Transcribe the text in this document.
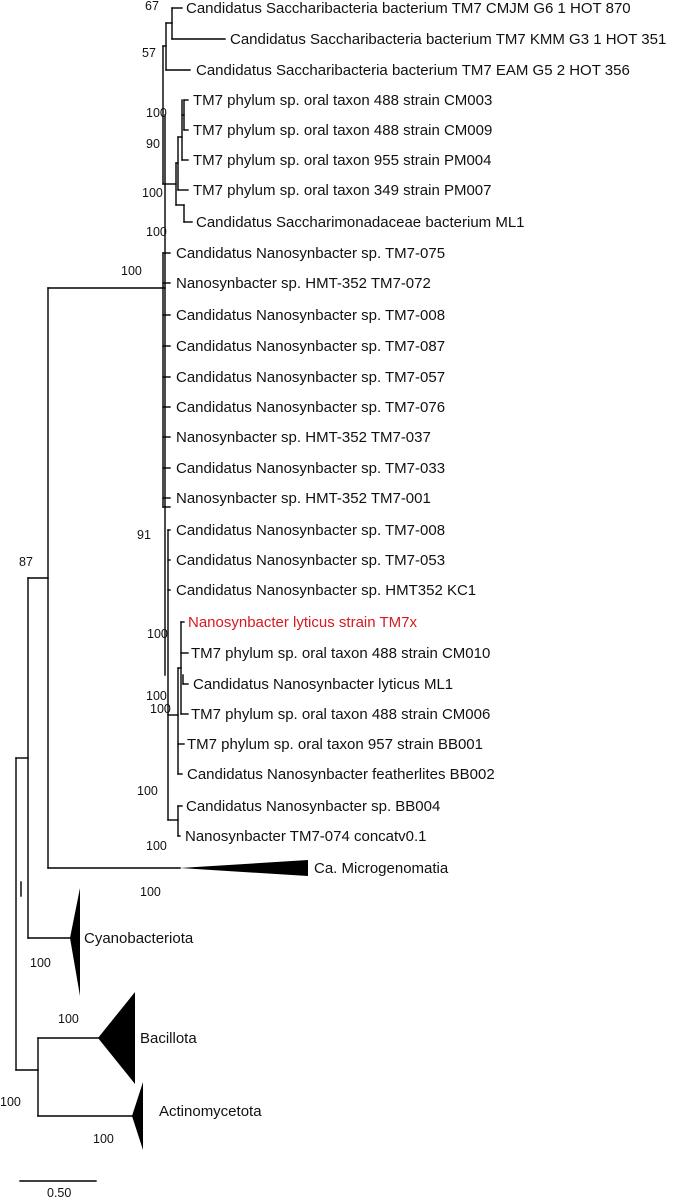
Candidatus Saccharibacteria bacterium TM7 CMJM G6 1 HOT 870
Candidatus Saccharibacteria bacterium TM7 KMM G3 1 HOT 351
Candidatus Saccharibacteria bacterium TM7 EAM G5 2 HOT 356
TM7 phylum sp. oral taxon 488 strain CM003
TM7 phylum sp. oral taxon 488 strain CM009
TM7 phylum sp. oral taxon 955 strain PM004
TM7 phylum sp. oral taxon 349 strain PM007
Candidatus Saccharimonadaceae bacterium ML1
Candidatus Nanosynbacter sp. TM7-075
Nanosynbacter sp. HMT-352 TM7-072
Candidatus Nanosynbacter sp. TM7-008
Candidatus Nanosynbacter sp. TM7-087
Candidatus Nanosynbacter sp. TM7-057
Candidatus Nanosynbacter sp. TM7-076
Nanosynbacter sp. HMT-352 TM7-037
Candidatus Nanosynbacter sp. TM7-033
Nanosynbacter sp. HMT-352 TM7-001
Candidatus Nanosynbacter sp. TM7-008
Candidatus Nanosynbacter sp. TM7-053
Candidatus Nanosynbacter sp. HMT352 KC1
Nanosynbacter lyticus strain TM7x
TM7 phylum sp. oral taxon 488 strain CM010
Candidatus Nanosynbacter lyticus ML1
TM7 phylum sp. oral taxon 488 strain CM006
TM7 phylum sp. oral taxon 957 strain BB001
Candidatus Nanosynbacter featherlites BB002
Candidatus Nanosynbacter sp. BB004
Nanosynbacter TM7-074 concatv0.1
Ca. Microgenomatia
Cyanobacteriota
Bacillota
Actinomycetota
67
57
100
90
100
100
100
91
87
100
100
100
100
100
100
100
100
100
100
0.50
